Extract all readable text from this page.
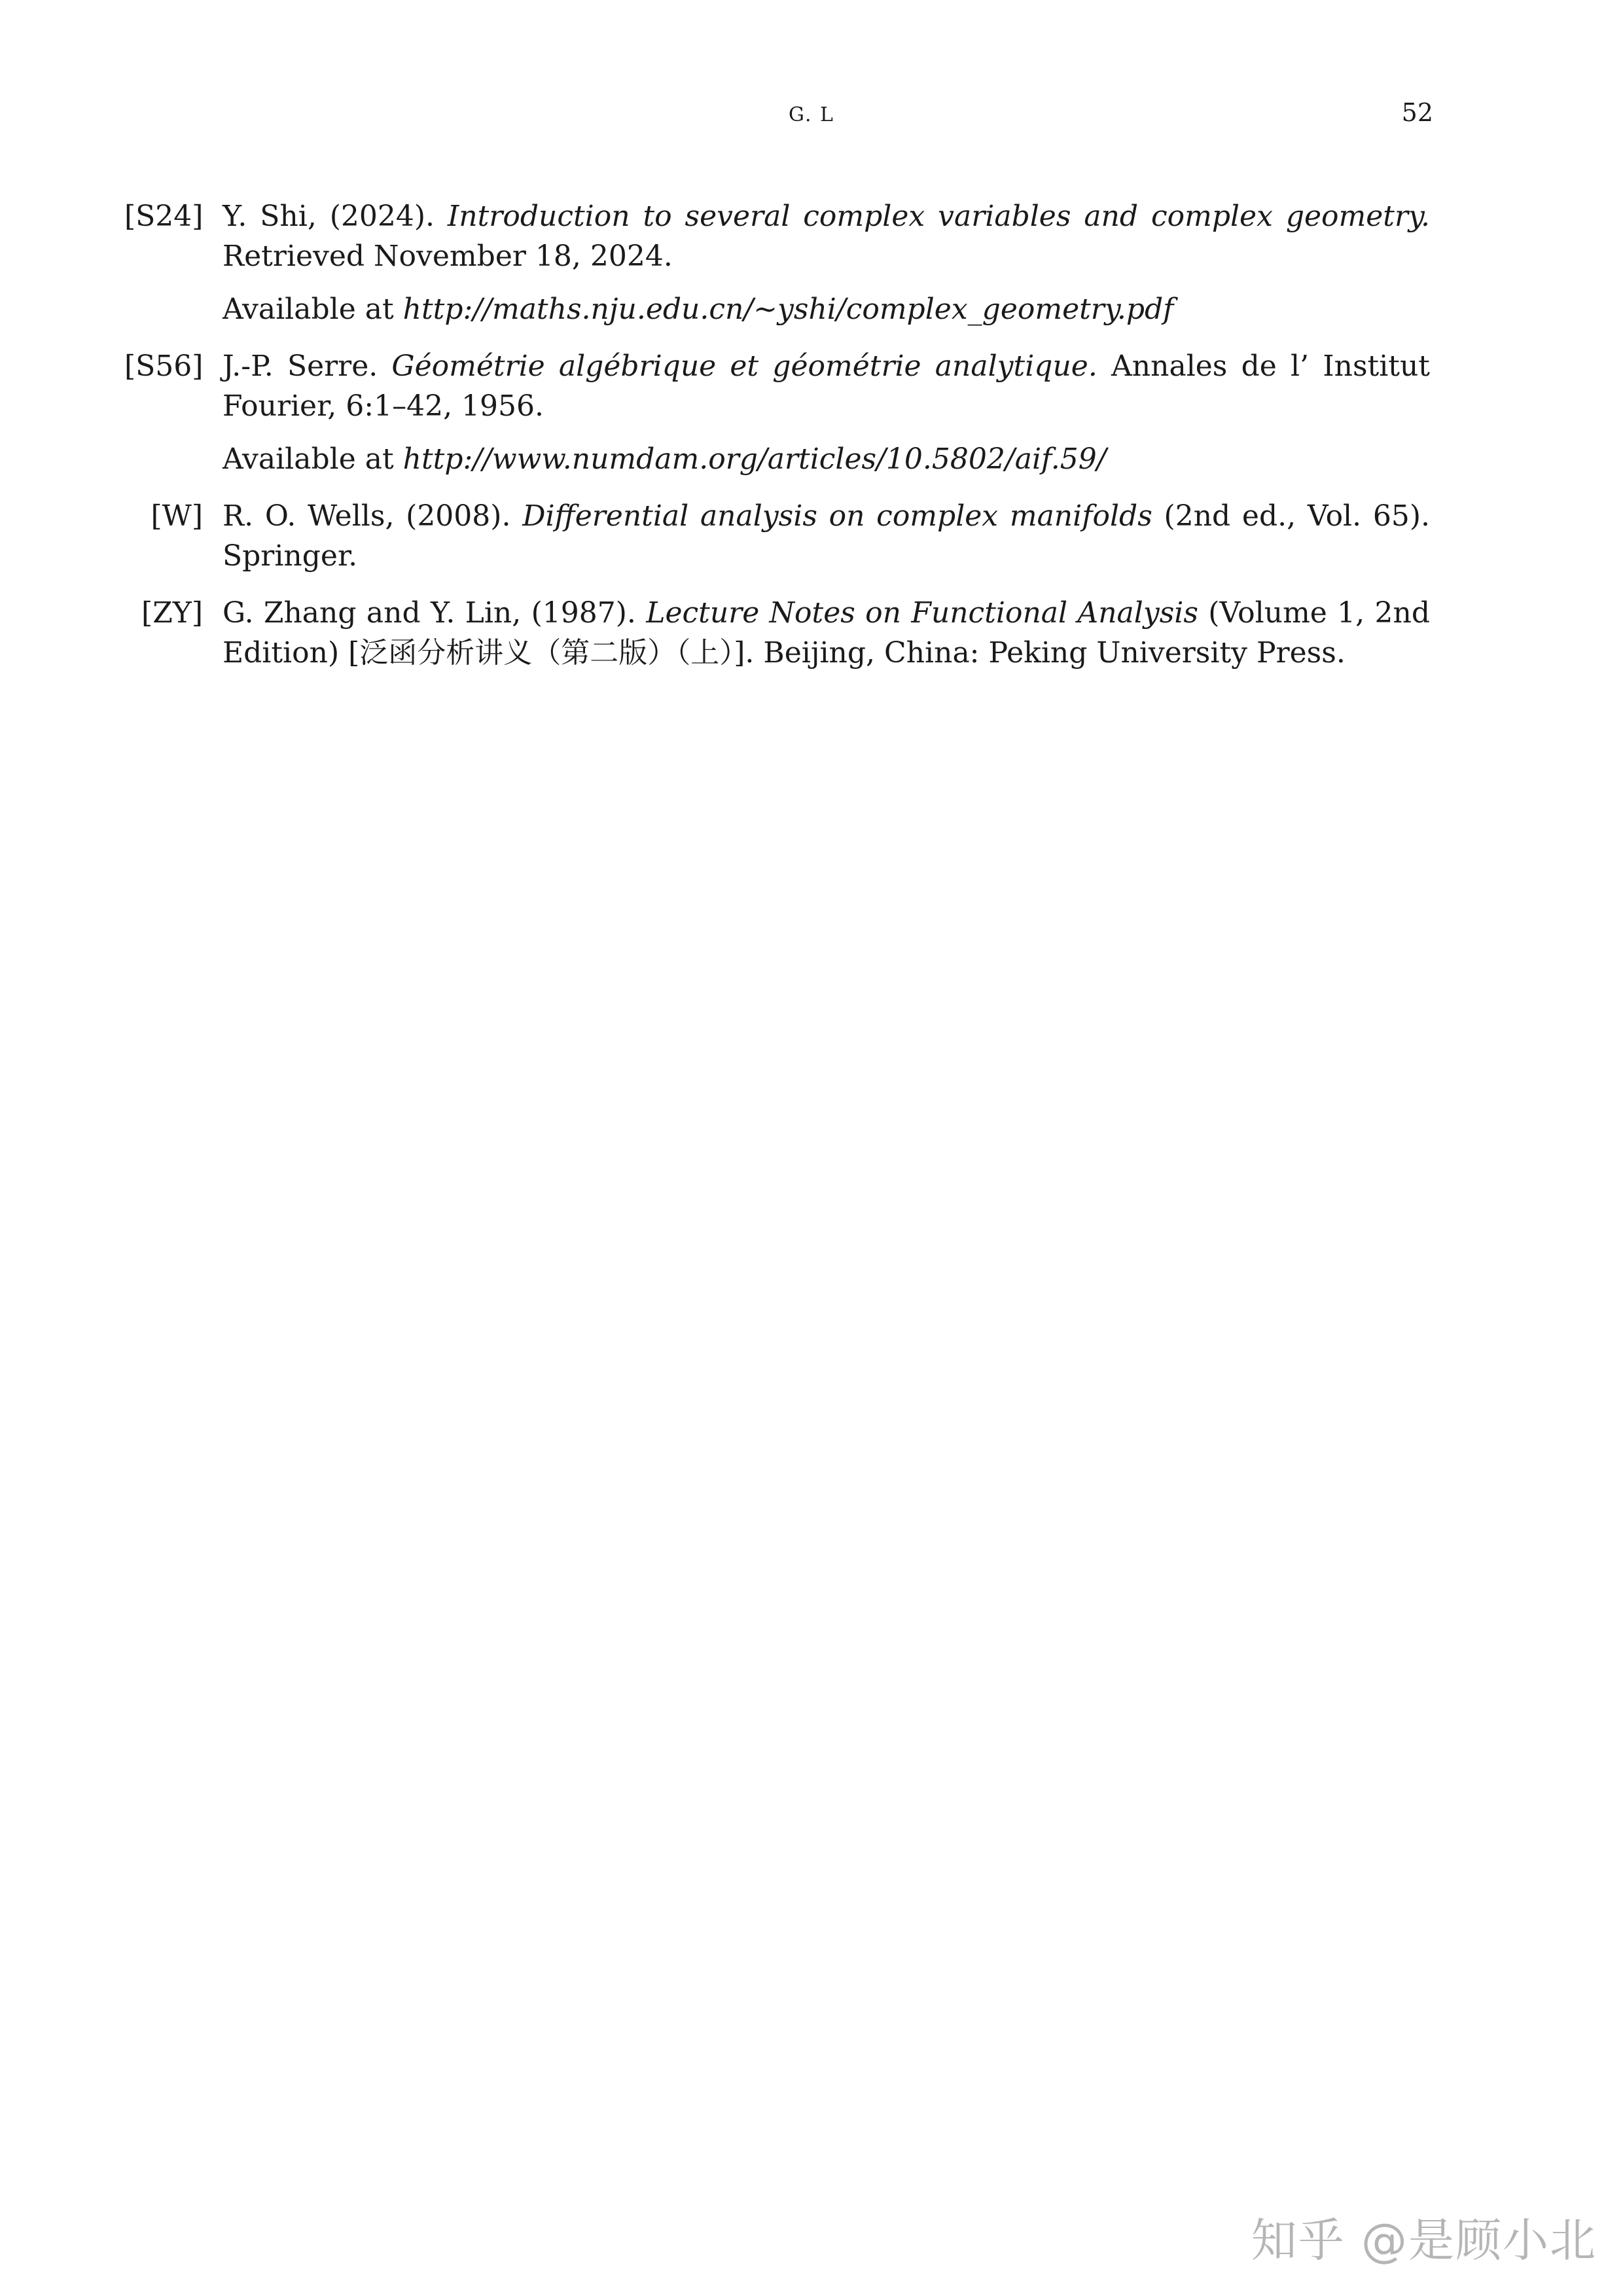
G. L	52
[S24] Y. Shi, (2024). Introduction to several complex variables and complex geometry. Retrieved November 18, 2024.

Available at http://maths.nju.edu.cn/~yshi/complex_geometry.pdf

[S56] J.-P. Serre. Géométrie algébrique et géométrie analytique. Annales de l’ Institut Fourier, 6:1–42, 1956.

Available at http://www.numdam.org/articles/10.5802/aif.59/

[W] R. O. Wells, (2008). Differential analysis on complex manifolds (2nd ed., Vol. 65). Springer.

[ZY] G. Zhang and Y. Lin, (1987). Lecture Notes on Functional Analysis (Volume 1, 2nd Edition) [泛函分析讲义（第二版）（上）]. Beijing, China: Peking University Press.

知乎 @是顾小北
